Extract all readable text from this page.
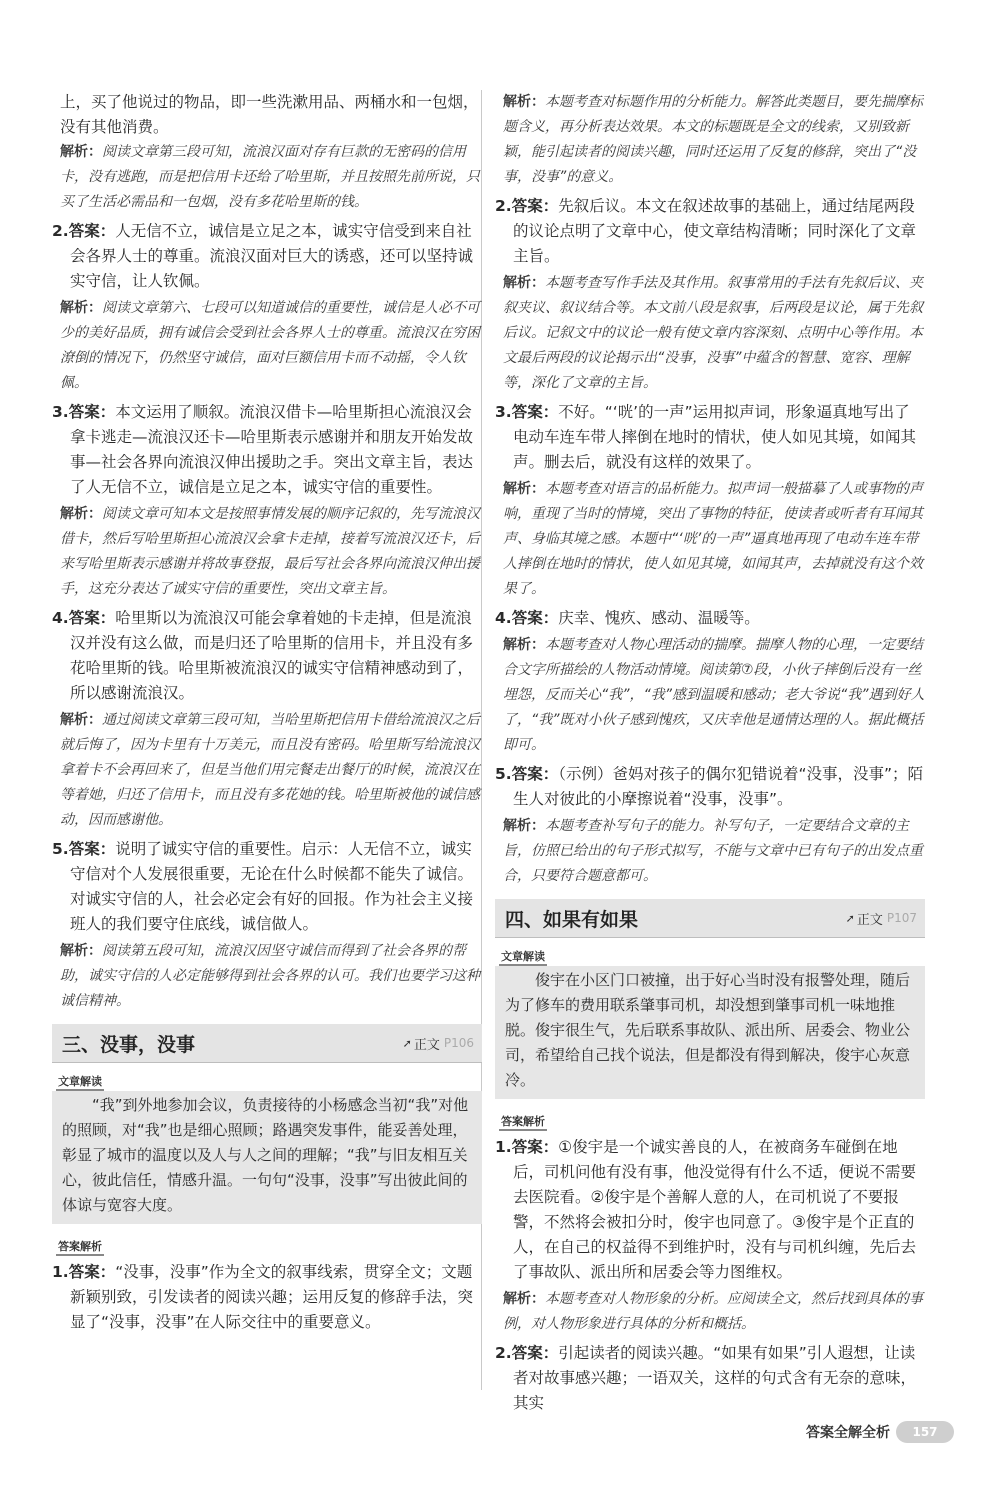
上，买了他说过的物品，即一些洗漱用品、两桶水和一包烟，没有其他消费。
解析：阅读文章第三段可知，流浪汉面对存有巨款的无密码的信用卡，没有逃跑，而是把信用卡还给了哈里斯，并且按照先前所说，只买了生活必需品和一包烟，没有多花哈里斯的钱。
2.答案：人无信不立，诚信是立足之本，诚实守信受到来自社会各界人士的尊重。流浪汉面对巨大的诱惑，还可以坚持诚实守信，让人钦佩。
解析：阅读文章第六、七段可以知道诚信的重要性，诚信是人必不可少的美好品质，拥有诚信会受到社会各界人士的尊重。流浪汉在穷困潦倒的情况下，仍然坚守诚信，面对巨额信用卡而不动摇，令人钦佩。
3.答案：本文运用了顺叙。流浪汉借卡—哈里斯担心流浪汉会拿卡逃走—流浪汉还卡—哈里斯表示感谢并和朋友开始发故事—社会各界向流浪汉伸出援助之手。突出文章主旨，表达了人无信不立，诚信是立足之本，诚实守信的重要性。
解析：阅读文章可知本文是按照事情发展的顺序记叙的，先写流浪汉借卡，然后写哈里斯担心流浪汉会拿卡走掉，接着写流浪汉还卡，后来写哈里斯表示感谢并将故事登报，最后写社会各界向流浪汉伸出援手，这充分表达了诚实守信的重要性，突出文章主旨。
4.答案：哈里斯以为流浪汉可能会拿着她的卡走掉，但是流浪汉并没有这么做，而是归还了哈里斯的信用卡，并且没有多花哈里斯的钱。哈里斯被流浪汉的诚实守信精神感动到了，所以感谢流浪汉。
解析：通过阅读文章第三段可知，当哈里斯把信用卡借给流浪汉之后就后悔了，因为卡里有十万美元，而且没有密码。哈里斯写给流浪汉拿着卡不会再回来了，但是当他们用完餐走出餐厅的时候，流浪汉在等着她，归还了信用卡，而且没有多花她的钱。哈里斯被他的诚信感动，因而感谢他。
5.答案：说明了诚实守信的重要性。启示：人无信不立，诚实守信对个人发展很重要，无论在什么时候都不能失了诚信。对诚实守信的人，社会必定会有好的回报。作为社会主义接班人的我们要守住底线，诚信做人。
解析：阅读第五段可知，流浪汉因坚守诚信而得到了社会各界的帮助，诚实守信的人必定能够得到社会各界的认可。我们也要学习这种诚信精神。
三、没事，没事	➚ 正文 P106
文章解读
“我”到外地参加会议，负责接待的小杨感念当初“我”对他的照顾，对“我”也是细心照顾；路遇突发事件，能妥善处理，彰显了城市的温度以及人与人之间的理解；“我”与旧友相互关心，彼此信任，情感升温。一句句“没事，没事”写出彼此间的体谅与宽容大度。
答案解析
1.答案：“没事，没事”作为全文的叙事线索，贯穿全文；文题新颖别致，引发读者的阅读兴趣；运用反复的修辞手法，突显了“没事，没事”在人际交往中的重要意义。
解析：本题考查对标题作用的分析能力。解答此类题目，要先揣摩标题含义，再分析表达效果。本文的标题既是全文的线索，又别致新颖，能引起读者的阅读兴趣，同时还运用了反复的修辞，突出了“没事，没事”的意义。
2.答案：先叙后议。本文在叙述故事的基础上，通过结尾两段的议论点明了文章中心，使文章结构清晰；同时深化了文章主旨。
解析：本题考查写作手法及其作用。叙事常用的手法有先叙后议、夹叙夹议、叙议结合等。本文前八段是叙事，后两段是议论，属于先叙后议。记叙文中的议论一般有使文章内容深刻、点明中心等作用。本文最后两段的议论揭示出“没事，没事”中蕴含的智慧、宽容、理解等，深化了文章的主旨。
3.答案：不好。“‘咣’的一声”运用拟声词，形象逼真地写出了电动车连车带人摔倒在地时的情状，使人如见其境，如闻其声。删去后，就没有这样的效果了。
解析：本题考查对语言的品析能力。拟声词一般描摹了人或事物的声响，重现了当时的情境，突出了事物的特征，使读者或听者有耳闻其声、身临其境之感。本题中“‘咣’的一声”逼真地再现了电动车连车带人摔倒在地时的情状，使人如见其境，如闻其声，去掉就没有这个效果了。
4.答案：庆幸、愧疚、感动、温暖等。
解析：本题考查对人物心理活动的揣摩。揣摩人物的心理，一定要结合文字所描绘的人物活动情境。阅读第⑦段，小伙子摔倒后没有一丝埋怨，反而关心“我”，“我”感到温暖和感动；老大爷说“我”遇到好人了，“我”既对小伙子感到愧疚，又庆幸他是通情达理的人。据此概括即可。
5.答案：（示例）爸妈对孩子的偶尔犯错说着“没事，没事”；陌生人对彼此的小摩擦说着“没事，没事”。
解析：本题考查补写句子的能力。补写句子，一定要结合文章的主旨，仿照已给出的句子形式拟写，不能与文章中已有句子的出发点重合，只要符合题意都可。
四、如果有如果	➚ 正文 P107
文章解读
俊宇在小区门口被撞，出于好心当时没有报警处理，随后为了修车的费用联系肇事司机，却没想到肇事司机一味地推脱。俊宇很生气，先后联系事故队、派出所、居委会、物业公司，希望给自己找个说法，但是都没有得到解决，俊宇心灰意冷。
答案解析
1.答案：①俊宇是一个诚实善良的人，在被商务车碰倒在地后，司机问他有没有事，他没觉得有什么不适，便说不需要去医院看。②俊宇是个善解人意的人，在司机说了不要报警，不然将会被扣分时，俊宇也同意了。③俊宇是个正直的人，在自己的权益得不到维护时，没有与司机纠缠，先后去了事故队、派出所和居委会等力图维权。
解析：本题考查对人物形象的分析。应阅读全文，然后找到具体的事例，对人物形象进行具体的分析和概括。
2.答案：引起读者的阅读兴趣。“如果有如果”引人遐想，让读者对故事感兴趣；一语双关，这样的句式含有无奈的意味，其实
答案全解全析	157
